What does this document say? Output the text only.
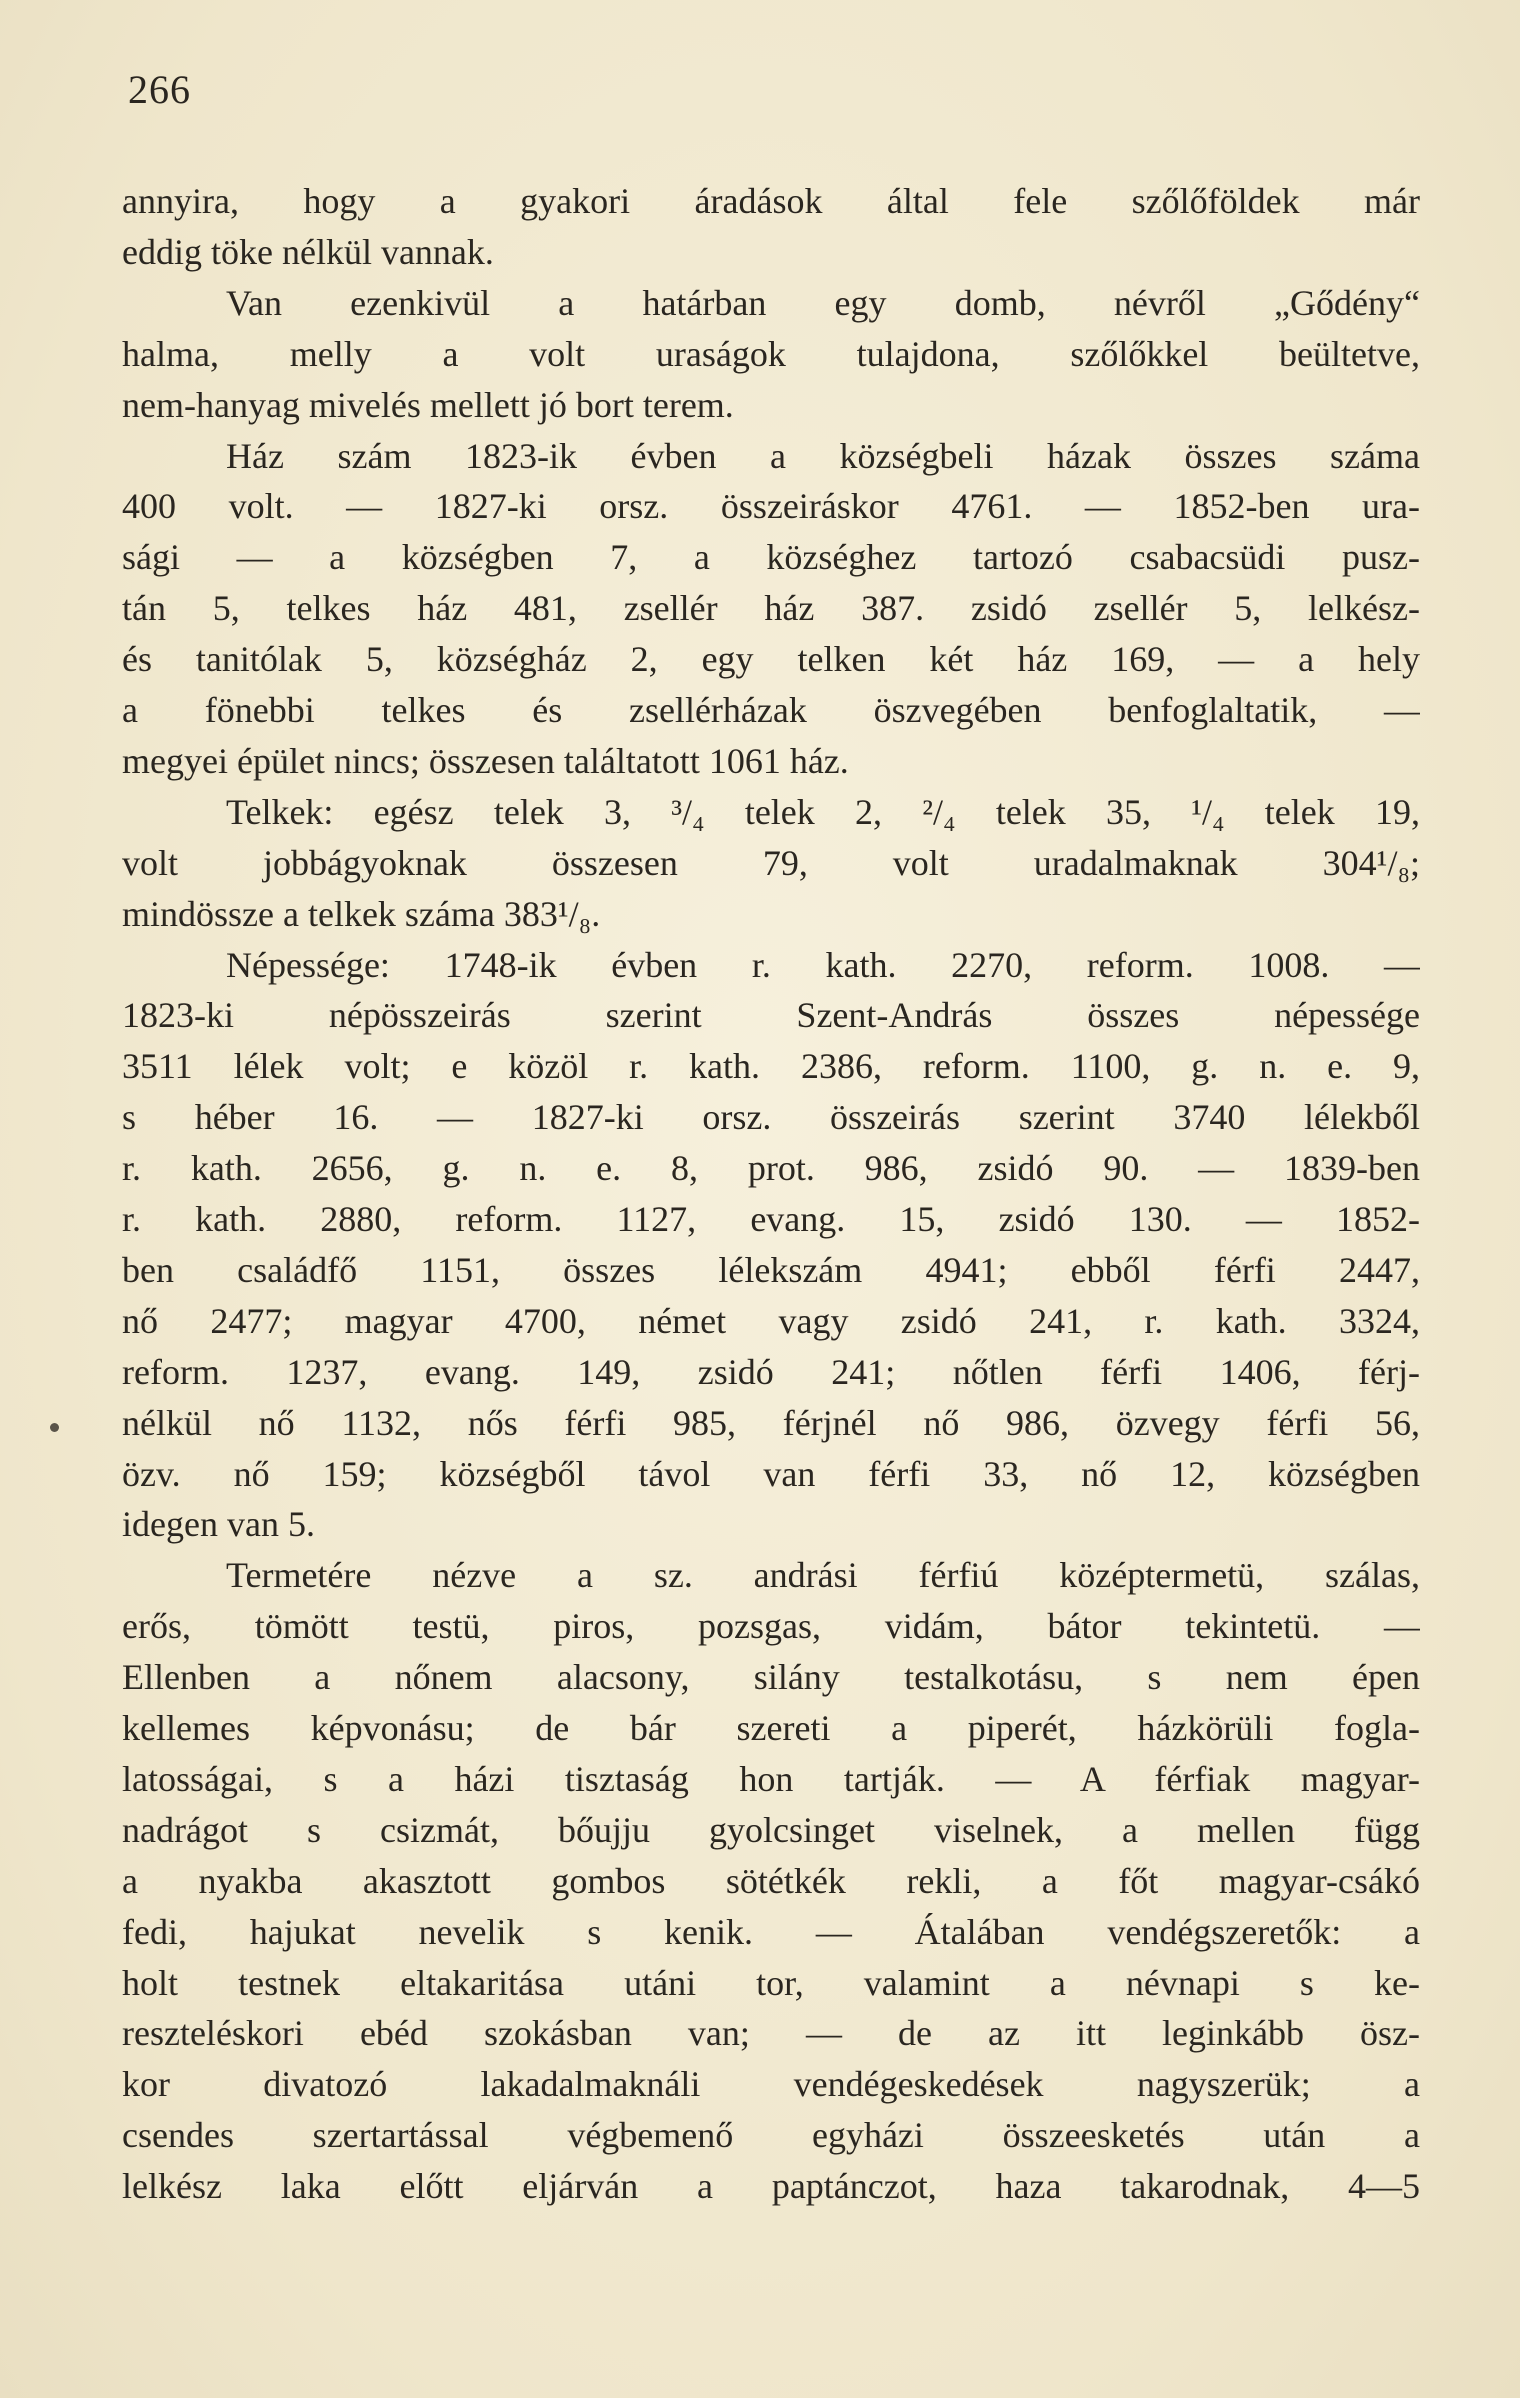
266
annyira, hogy a gyakori áradások által fele szőlőföldek már
eddig töke nélkül vannak.
Van ezenkivül a határban egy domb, névről „Gődény“
halma, melly a volt uraságok tulajdona, szőlőkkel beültetve,
nem-hanyag mivelés mellett jó bort terem.
Ház szám 1823-ik évben a községbeli házak összes száma
400 volt. — 1827-ki orsz. összeiráskor 4761. — 1852-ben ura-
sági — a községben 7, a községhez tartozó csabacsüdi pusz-
tán 5, telkes ház 481, zsellér ház 387. zsidó zsellér 5, lelkész-
és tanitólak 5, községház 2, egy telken két ház 169, — a hely
a fönebbi telkes és zsellérházak öszvegében benfoglaltatik, —
megyei épület nincs; összesen találtatott 1061 ház.
Telkek: egész telek 3, ³/₄ telek 2, ²/₄ telek 35, ¹/₄ telek 19,
volt jobbágyoknak összesen 79, volt uradalmaknak 304¹/₈;
mindössze a telkek száma 383¹/₈.
Népessége: 1748-ik évben r. kath. 2270, reform. 1008. —
1823-ki népösszeirás szerint Szent-András összes népessége
3511 lélek volt; e közöl r. kath. 2386, reform. 1100, g. n. e. 9,
s héber 16. — 1827-ki orsz. összeirás szerint 3740 lélekből
r. kath. 2656, g. n. e. 8, prot. 986, zsidó 90. — 1839-ben
r. kath. 2880, reform. 1127, evang. 15, zsidó 130. — 1852-
ben családfő 1151, összes lélekszám 4941; ebből férfi 2447,
nő 2477; magyar 4700, német vagy zsidó 241, r. kath. 3324,
reform. 1237, evang. 149, zsidó 241; nőtlen férfi 1406, férj-
nélkül nő 1132, nős férfi 985, férjnél nő 986, özvegy férfi 56,
özv. nő 159; községből távol van férfi 33, nő 12, községben
idegen van 5.
Termetére nézve a sz. andrási férfiú középtermetü, szálas,
erős, tömött testü, piros, pozsgas, vidám, bátor tekintetü. —
Ellenben a nőnem alacsony, silány testalkotásu, s nem épen
kellemes képvonásu; de bár szereti a piperét, házkörüli fogla-
latosságai, s a házi tisztaság hon tartják. — A férfiak magyar-
nadrágot s csizmát, bőujju gyolcsinget viselnek, a mellen függ
a nyakba akasztott gombos sötétkék rekli, a főt magyar-csákó
fedi, hajukat nevelik s kenik. — Átalában vendégszeretők: a
holt testnek eltakaritása utáni tor, valamint a névnapi s ke-
reszteléskori ebéd szokásban van; — de az itt leginkább ösz-
kor divatozó lakadalmaknáli vendégeskedések nagyszerük; a
csendes szertartással végbemenő egyházi összeesketés után a
lelkész laka előtt eljárván a paptánczot, haza takarodnak, 4—5
